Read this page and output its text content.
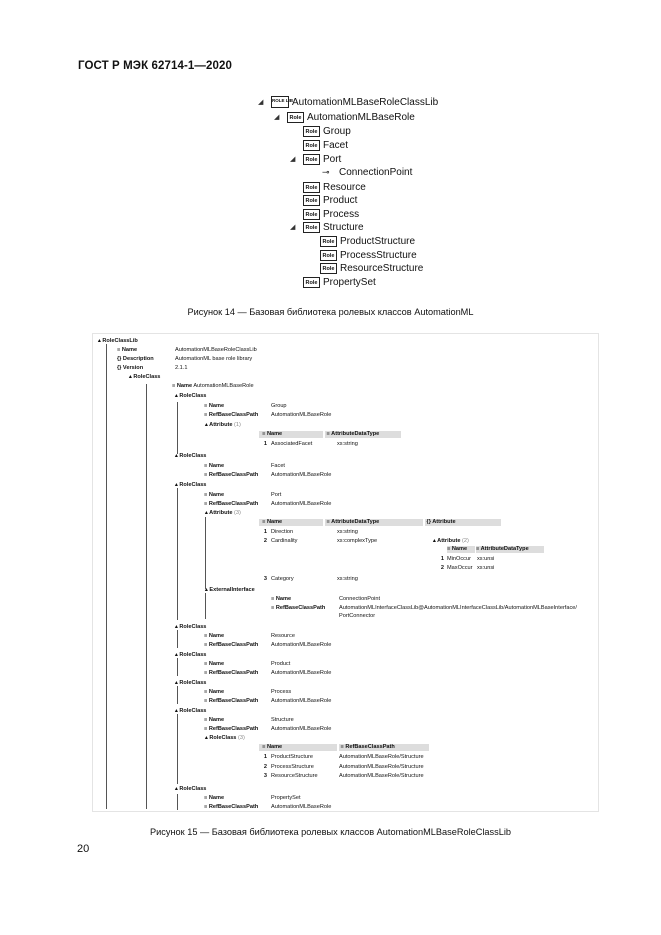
ГОСТ Р МЭК 62714-1—2020
◢ ROLE LIBAutomationMLBaseRoleClassLib
◢	Role AutomationMLBaseRole
Role Group
Role Facet
◢	Role Port
⊸ ConnectionPoint
Role Resource
Role Product
Role Process
◢	Role Structure
Role ProductStructure
Role ProcessStructure
Role ResourceStructure
Role PropertySet
Рисунок 14 — Базовая библиотека ролевых классов AutomationML
▴ RoleClassLib
≡ Name	AutomationMLBaseRoleClassLib
{} Description	AutomationML base role library
{} Version	2.1.1
▴ RoleClass
≡ Name AutomationMLBaseRole
▴ RoleClass
≡ Name	Group
≡ RefBaseClassPath AutomationMLBaseRole
▴ Attribute (1)
≡ Name	≡ AttributeDataType
1 AssociatedFacet	xs:string
▴ RoleClass
≡ Name	Facet
≡ RefBaseClassPath AutomationMLBaseRole
▴ RoleClass
≡ Name	Port
≡ RefBaseClassPath AutomationMLBaseRole
▴ Attribute (3)
≡ Name	≡ AttributeDataType	{} Attribute
1 Direction	xs:string
2 Cardinality	xs:complexType	▴ Attribute (2)
≡ Name	≡ AttributeDataType
1 MinOccur xs:unsi
2 MaxOccur xs:unsi
3 Category	xs:string
▴ ExternalInterface
≡ Name	ConnectionPoint
≡ RefBaseClassPath AutomationMLInterfaceClassLib@AutomationMLInterfaceClassLib/AutomationMLBaseInterface/
PortConnector
▴ RoleClass
≡ Name	Resource
≡ RefBaseClassPath AutomationMLBaseRole
▴ RoleClass
≡ Name	Product
≡ RefBaseClassPath AutomationMLBaseRole
▴ RoleClass
≡ Name	Process
≡ RefBaseClassPath AutomationMLBaseRole
▴ RoleClass
≡ Name	Structure
≡ RefBaseClassPath AutomationMLBaseRole
▴ RoleClass (3)
≡ Name	≡ RefBaseClassPath
1 ProductStructure	AutomationMLBaseRole/Structure
2 ProcessStructure	AutomationMLBaseRole/Structure
3 ResourceStructure	AutomationMLBaseRole/Structure
▴ RoleClass
≡ Name	PropertySet
≡ RefBaseClassPath AutomationMLBaseRole
Рисунок 15 — Базовая библиотека ролевых классов AutomationMLBaseRoleClassLib
20
